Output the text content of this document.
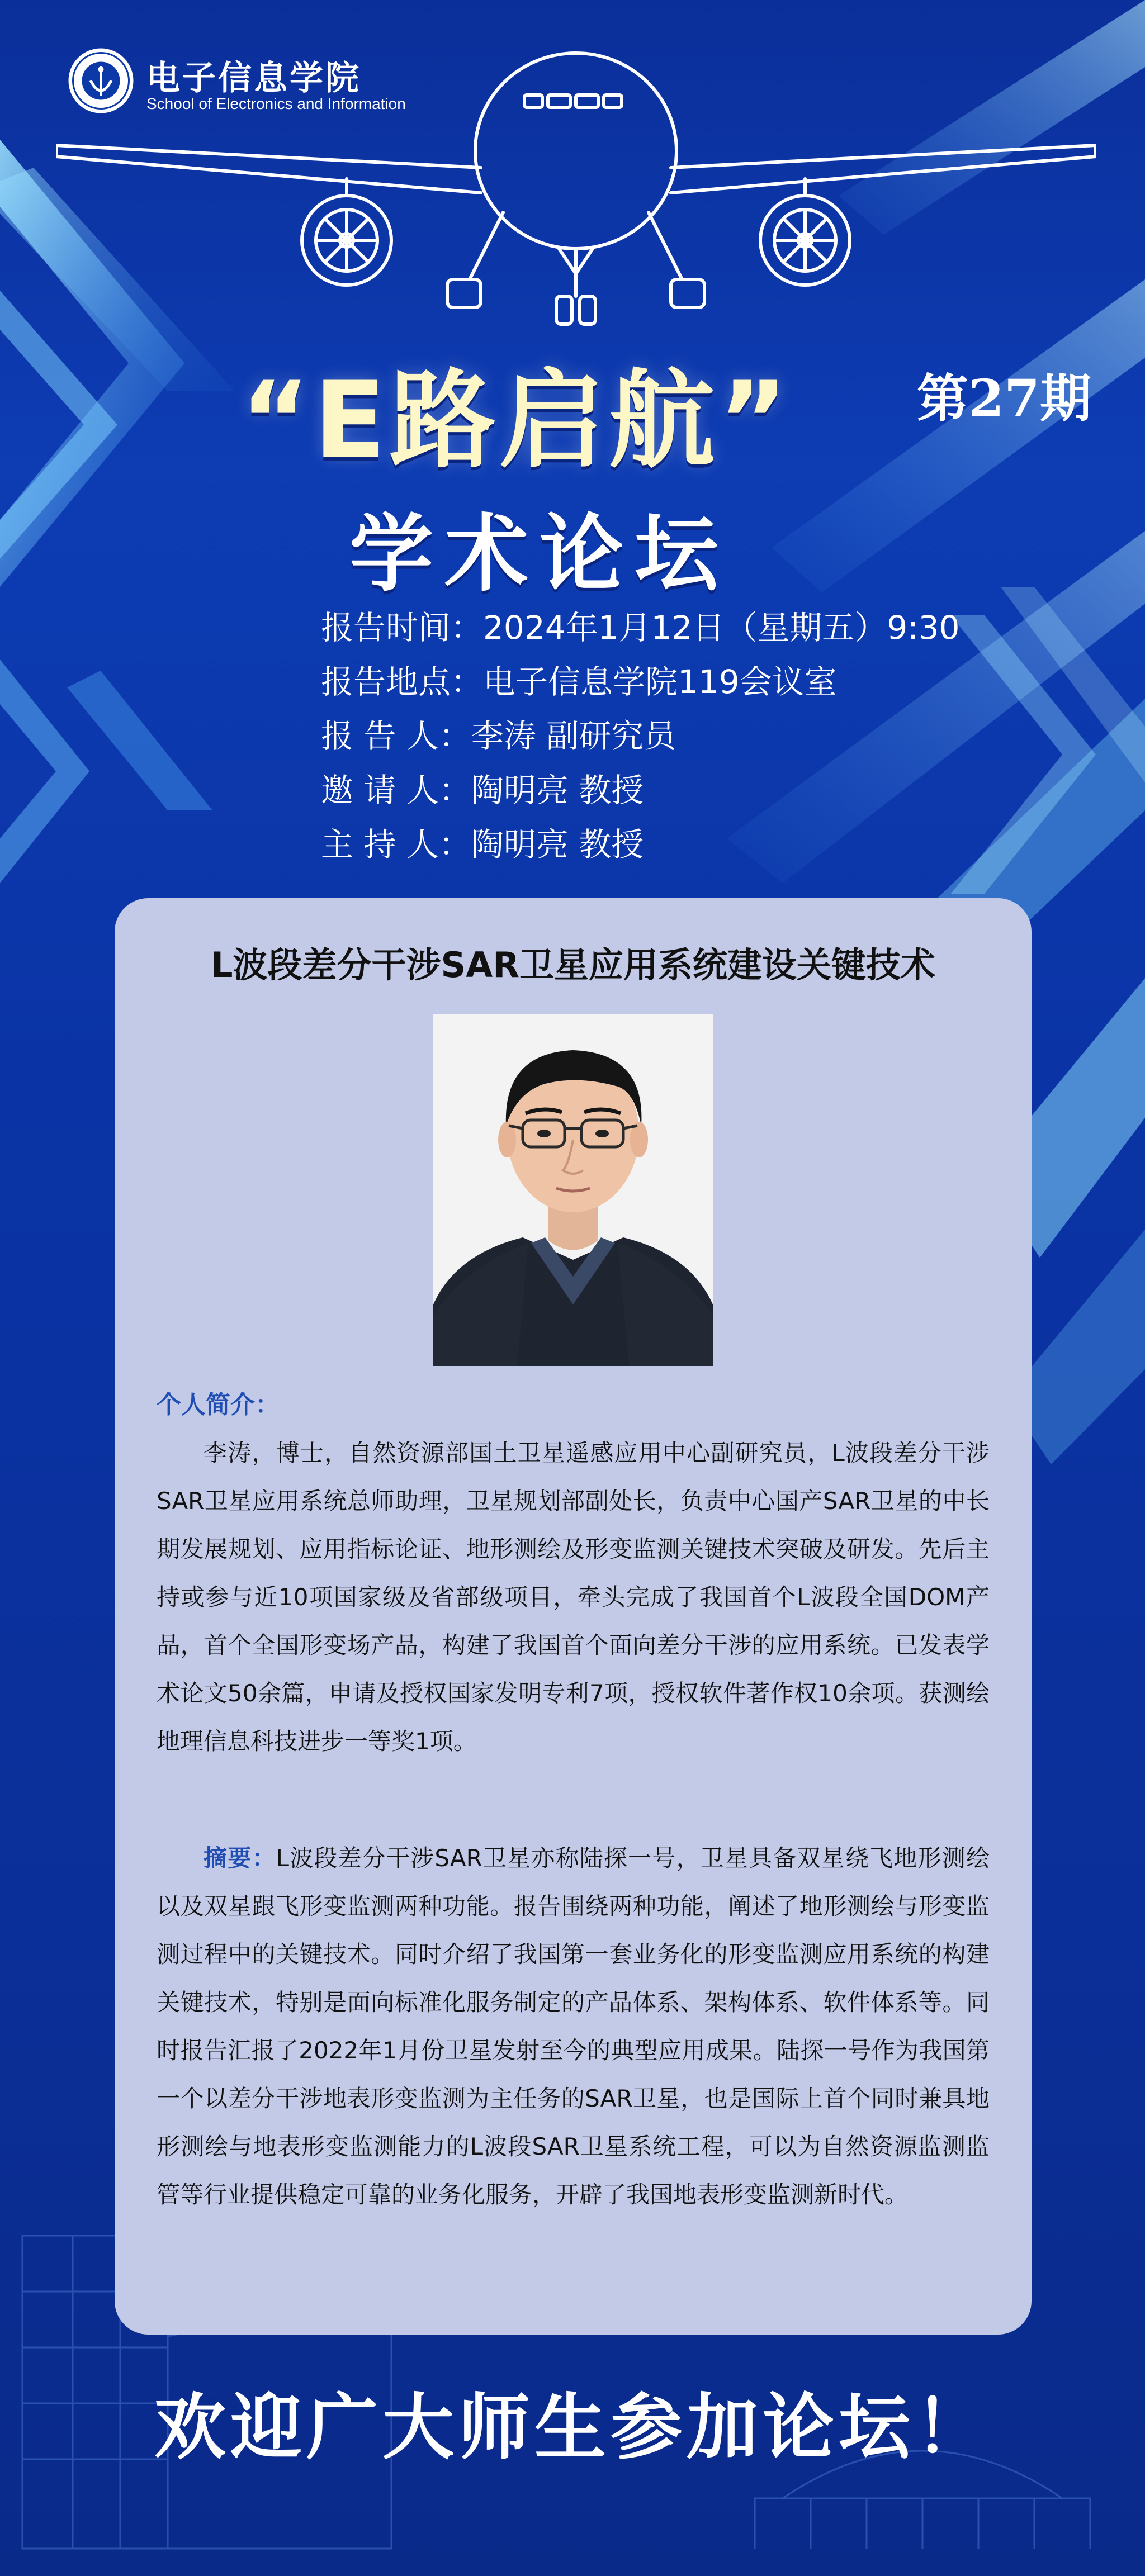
电子信息学院
School of Electronics and Information
“E路启航”	第27期
学术论坛
报告时间：2024年1月12日（星期五）9:30
报告地点：电子信息学院119会议室
报 告 人：李涛 副研究员
邀 请 人：陶明亮 教授
主 持 人：陶明亮 教授
L波段差分干涉SAR卫星应用系统建设关键技术
个人简介：
李涛，博士，自然资源部国土卫星遥感应用中心副研究员，L波段差分干涉SAR卫星应用系统总师助理，卫星规划部副处长，负责中心国产SAR卫星的中长期发展规划、应用指标论证、地形测绘及形变监测关键技术突破及研发。先后主持或参与近10项国家级及省部级项目，牵头完成了我国首个L波段全国DOM产品，首个全国形变场产品，构建了我国首个面向差分干涉的应用系统。已发表学术论文50余篇，申请及授权国家发明专利7项，授权软件著作权10余项。获测绘地理信息科技进步一等奖1项。
摘要：L波段差分干涉SAR卫星亦称陆探一号，卫星具备双星绕飞地形测绘以及双星跟飞形变监测两种功能。报告围绕两种功能，阐述了地形测绘与形变监测过程中的关键技术。同时介绍了我国第一套业务化的形变监测应用系统的构建关键技术，特别是面向标准化服务制定的产品体系、架构体系、软件体系等。同时报告汇报了2022年1月份卫星发射至今的典型应用成果。陆探一号作为我国第一个以差分干涉地表形变监测为主任务的SAR卫星，也是国际上首个同时兼具地形测绘与地表形变监测能力的L波段SAR卫星系统工程，可以为自然资源监测监管等行业提供稳定可靠的业务化服务，开辟了我国地表形变监测新时代。
欢迎广大师生参加论坛！
